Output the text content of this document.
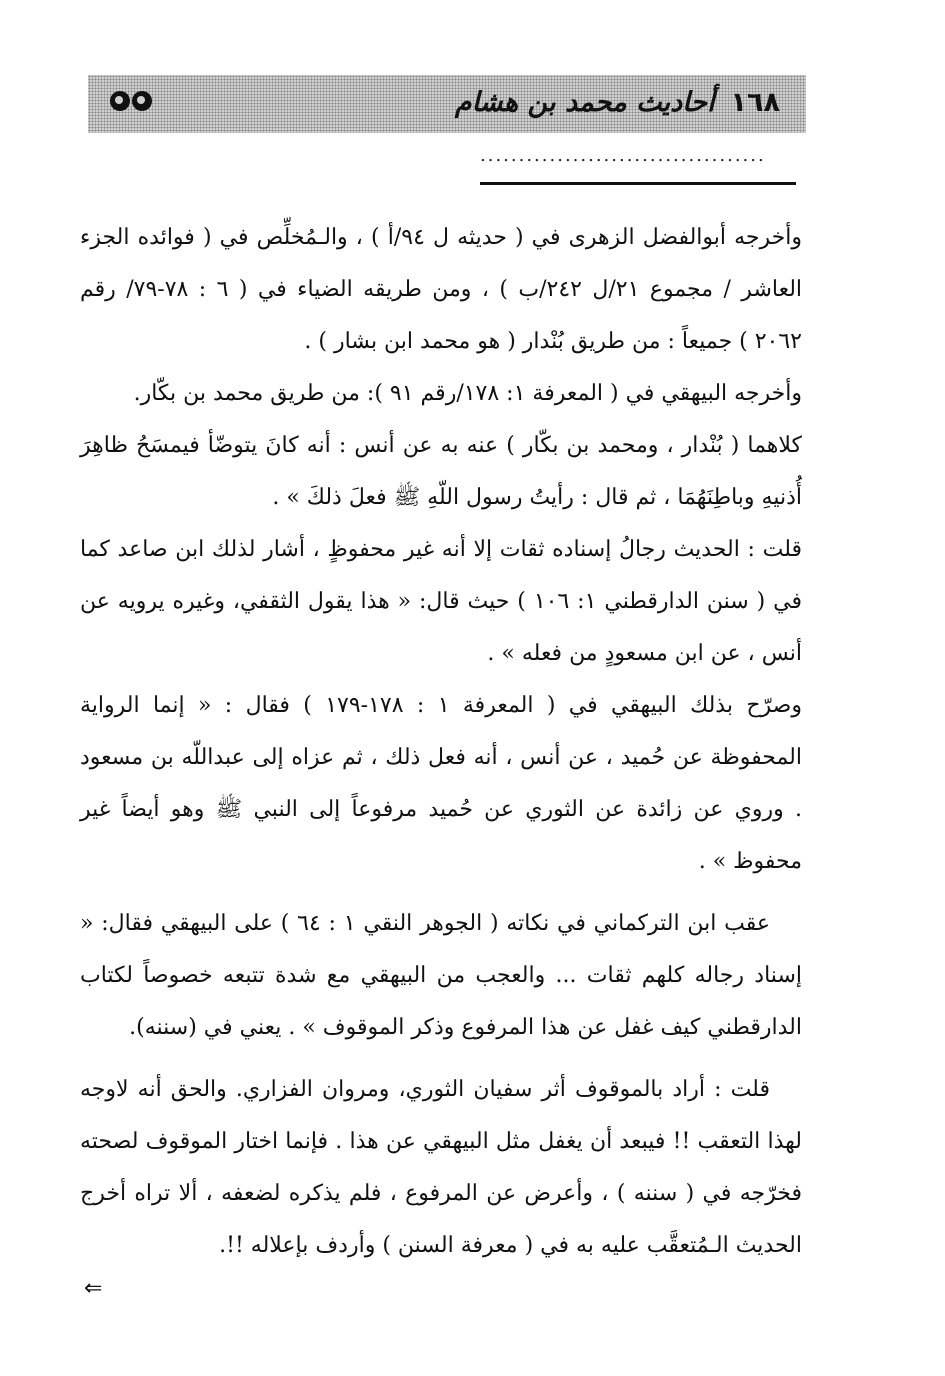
١٦٨أحاديث محمد بن هشام
.....................................

وأخرجه أبوالفضل الزهرى في ( حديثه ل ٩٤/أ ) ، والـمُخلِّص في ( فوائده الجزء العاشر / مجموع ٢١/ل ٢٤٢/ب ) ، ومن طريقه الضياء في ( ٦ : ٧٨-٧٩/ رقم ٢٠٦٢ ) جميعاً : من طريق بُنْدار ( هو محمد ابن بشار ) .

وأخرجه البيهقي في ( المعرفة ١: ١٧٨/رقم ٩١ ): من طريق محمد بن بكّار.

كلاهما ( بُنْدار ، ومحمد بن بكّار ) عنه به عن أنس : أنه كانَ يتوضّأ فيمسَحُ ظاهِرَ أُذنيهِ وباطِنَهُمَا ، ثم قال : رأيتُ رسول اللّهِ ﷺ فعلَ ذلكَ » .

قلت : الحديث رجالُ إسناده ثقات إلا أنه غير محفوظٍ ، أشار لذلك ابن صاعد كما في ( سنن الدارقطني ١: ١٠٦ ) حيث قال: « هذا يقول الثقفي، وغيره يرويه عن أنس ، عن ابن مسعودٍ من فعله » .

وصرّح بذلك البيهقي في ( المعرفة ١ : ١٧٨-١٧٩ ) فقال : « إنما الرواية المحفوظة عن حُميد ، عن أنس ، أنه فعل ذلك ، ثم عزاه إلى عبداللّه بن مسعود . وروي عن زائدة عن الثوري عن حُميد مرفوعاً إلى النبي ﷺ وهو أيضاً غير محفوظ » .

عقب ابن التركماني في نكاته ( الجوهر النقي ١ : ٦٤ ) على البيهقي فقال: « إسناد رجاله كلهم ثقات ... والعجب من البيهقي مع شدة تتبعه خصوصاً لكتاب الدارقطني كيف غفل عن هذا المرفوع وذكر الموقوف » . يعني في (سننه).

قلت : أراد بالموقوف أثر سفيان الثوري، ومروان الفزاري. والحق أنه لاوجه لهذا التعقب !! فيبعد أن يغفل مثل البيهقي عن هذا . فإنما اختار الموقوف لصحته فخرّجه في ( سننه ) ، وأعرض عن المرفوع ، فلم يذكره لضعفه ، ألا تراه أخرج الحديث الـمُتعقَّب عليه به في ( معرفة السنن ) وأردف بإعلاله !!.

⇐
